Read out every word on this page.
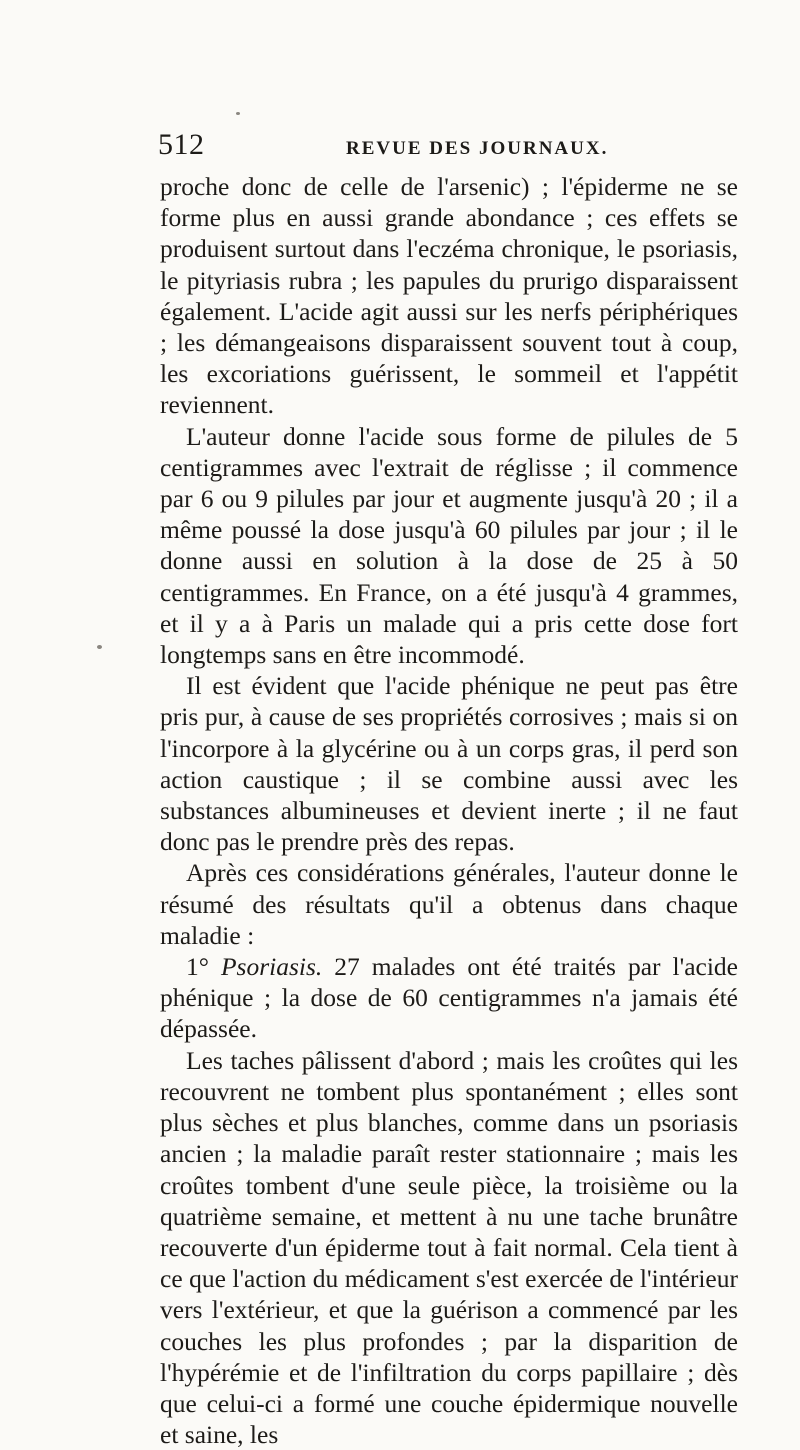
512	REVUE DES JOURNAUX.

proche donc de celle de l'arsenic) ; l'épiderme ne se forme plus en aussi grande abondance ; ces effets se produisent surtout dans l'eczéma chronique, le psoriasis, le pityriasis rubra ; les papules du prurigo disparaissent également. L'acide agit aussi sur les nerfs périphériques ; les démangeaisons disparaissent souvent tout à coup, les excoriations guérissent, le sommeil et l'appétit reviennent.

L'auteur donne l'acide sous forme de pilules de 5 centigrammes avec l'extrait de réglisse ; il commence par 6 ou 9 pilules par jour et augmente jusqu'à 20 ; il a même poussé la dose jusqu'à 60 pilules par jour ; il le donne aussi en solution à la dose de 25 à 50 centigrammes. En France, on a été jusqu'à 4 grammes, et il y a à Paris un malade qui a pris cette dose fort longtemps sans en être incommodé.

Il est évident que l'acide phénique ne peut pas être pris pur, à cause de ses propriétés corrosives ; mais si on l'incorpore à la glycérine ou à un corps gras, il perd son action caustique ; il se combine aussi avec les substances albumineuses et devient inerte ; il ne faut donc pas le prendre près des repas.

Après ces considérations générales, l'auteur donne le résumé des résultats qu'il a obtenus dans chaque maladie :

1° Psoriasis. 27 malades ont été traités par l'acide phénique ; la dose de 60 centigrammes n'a jamais été dépassée.

Les taches pâlissent d'abord ; mais les croûtes qui les recouvrent ne tombent plus spontanément ; elles sont plus sèches et plus blanches, comme dans un psoriasis ancien ; la maladie paraît rester stationnaire ; mais les croûtes tombent d'une seule pièce, la troisième ou la quatrième semaine, et mettent à nu une tache brunâtre recouverte d'un épiderme tout à fait normal. Cela tient à ce que l'action du médicament s'est exercée de l'intérieur vers l'extérieur, et que la guérison a commencé par les couches les plus profondes ; par la disparition de l'hypérémie et de l'infiltration du corps papillaire ; dès que celui-ci a formé une couche épidermique nouvelle et saine, les
